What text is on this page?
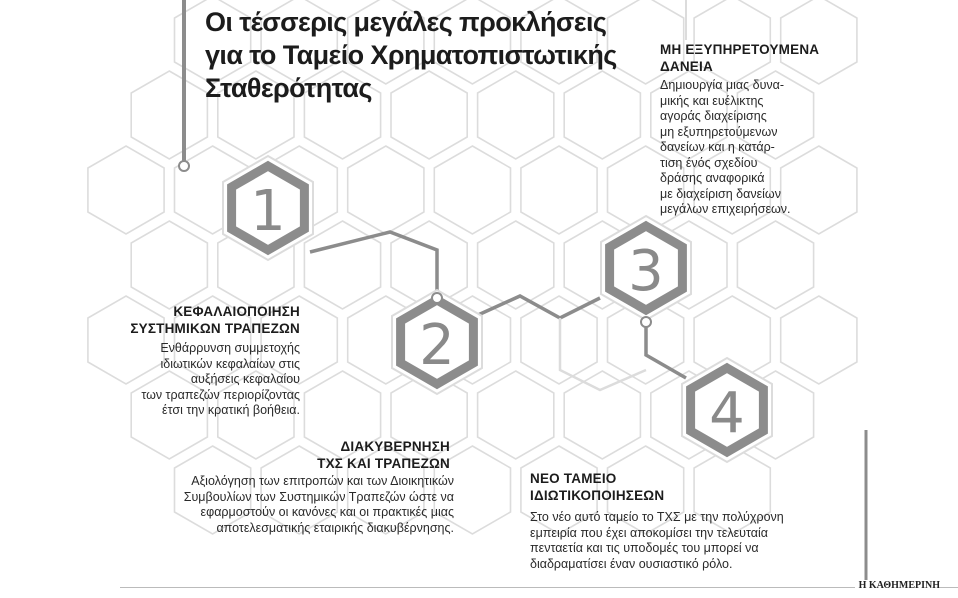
1
2
3
4
Οι τέσσερις μεγάλες προκλήσεις
για το Ταμείο Χρηματοπιστωτικής
Σταθερότητας
ΜΗ ΕΞΥΠΗΡΕΤΟΥΜΕΝΑ
ΔΑΝΕΙΑ
Δημιουργία μιας δυνα-
μικής και ευέλικτης
αγοράς διαχείρισης
μη εξυπηρετούμενων
δανείων και η κατάρ-
τιση ένός σχεδίου
δράσης αναφορικά
με διαχείριση δανείων
μεγάλων επιχειρήσεων.
ΚΕΦΑΛΑΙΟΠΟΙΗΣΗ
ΣΥΣΤΗΜΙΚΩΝ ΤΡΑΠΕΖΩΝ
Ενθάρρυνση συμμετοχής
ιδιωτικών κεφαλαίων στις
αυξήσεις κεφαλαίου
των τραπεζών περιορίζοντας
έτσι την κρατική βοήθεια.
ΔΙΑΚΥΒΕΡΝΗΣΗ
ΤΧΣ ΚΑΙ ΤΡΑΠΕΖΩΝ
Αξιολόγηση των επιτροπών και των Διοικητικών
Συμβουλίων των Συστημικών Τραπεζών ώστε να
εφαρμοστούν οι κανόνες και οι πρακτικές μιας
αποτελεσματικής εταιρικής διακυβέρνησης.
ΝΕΟ ΤΑΜΕΙΟ
ΙΔΙΩΤΙΚΟΠΟΙΗΣΕΩΝ
Στο νέο αυτό ταμείο το ΤΧΣ με την πολύχρονη
εμπειρία που έχει αποκομίσει την τελευταία
πενταετία και τις υποδομές του μπορεί να
διαδραματίσει έναν ουσιαστικό ρόλο.
Η ΚΑΘΗΜΕΡΙΝΗ
